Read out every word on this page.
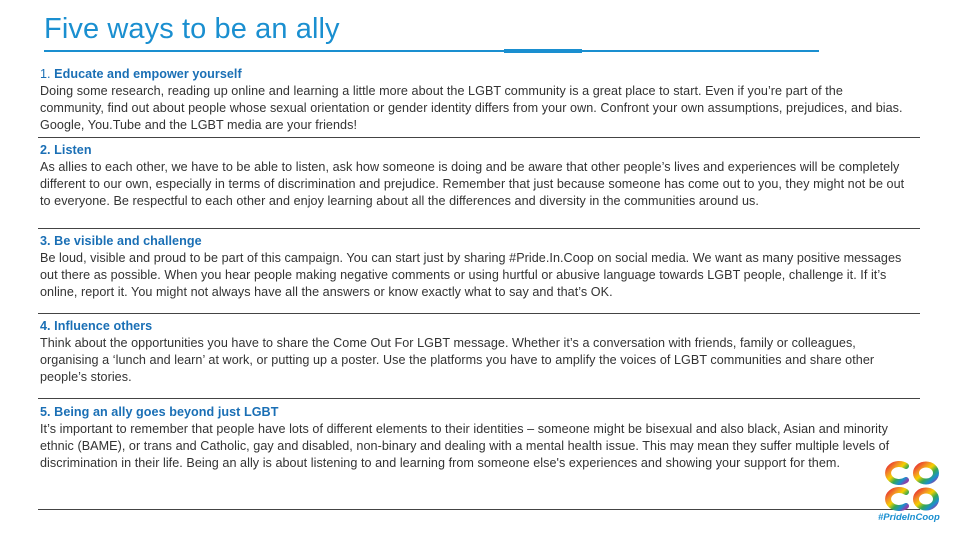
Five ways to be an ally
1. Educate and empower yourself
Doing some research, reading up online and learning a little more about the LGBT community is a great place to start. Even if you’re part of the community, find out about people whose sexual orientation or gender identity differs from your own. Confront your own assumptions, prejudices, and bias. Google, You.Tube and the LGBT media are your friends!
2. Listen
As allies to each other, we have to be able to listen, ask how someone is doing and be aware that other people’s lives and experiences will be completely different to our own, especially in terms of discrimination and prejudice. Remember that just because someone has come out to you, they might not be out to everyone. Be respectful to each other and enjoy learning about all the differences and diversity in the communities around us.
3. Be visible and challenge
Be loud, visible and proud to be part of this campaign. You can start just by sharing #Pride.In.Coop on social media. We want as many positive messages out there as possible. When you hear people making negative comments or using hurtful or abusive language towards LGBT people, challenge it. If it’s online, report it. You might not always have all the answers or know exactly what to say and that’s OK.
4. Influence others
Think about the opportunities you have to share the Come Out For LGBT message. Whether it’s a conversation with friends, family or colleagues, organising a ‘lunch and learn’ at work, or putting up a poster. Use the platforms you have to amplify the voices of LGBT communities and share other people’s stories.
5. Being an ally goes beyond just LGBT
It’s important to remember that people have lots of different elements to their identities – someone might be bisexual and also black, Asian and minority ethnic (BAME), or trans and Catholic, gay and disabled, non-binary and dealing with a mental health issue. This may mean they suffer multiple levels of discrimination in their life. Being an ally is about listening to and learning from someone else's experiences and showing your support for them.
#PrideInCoop
